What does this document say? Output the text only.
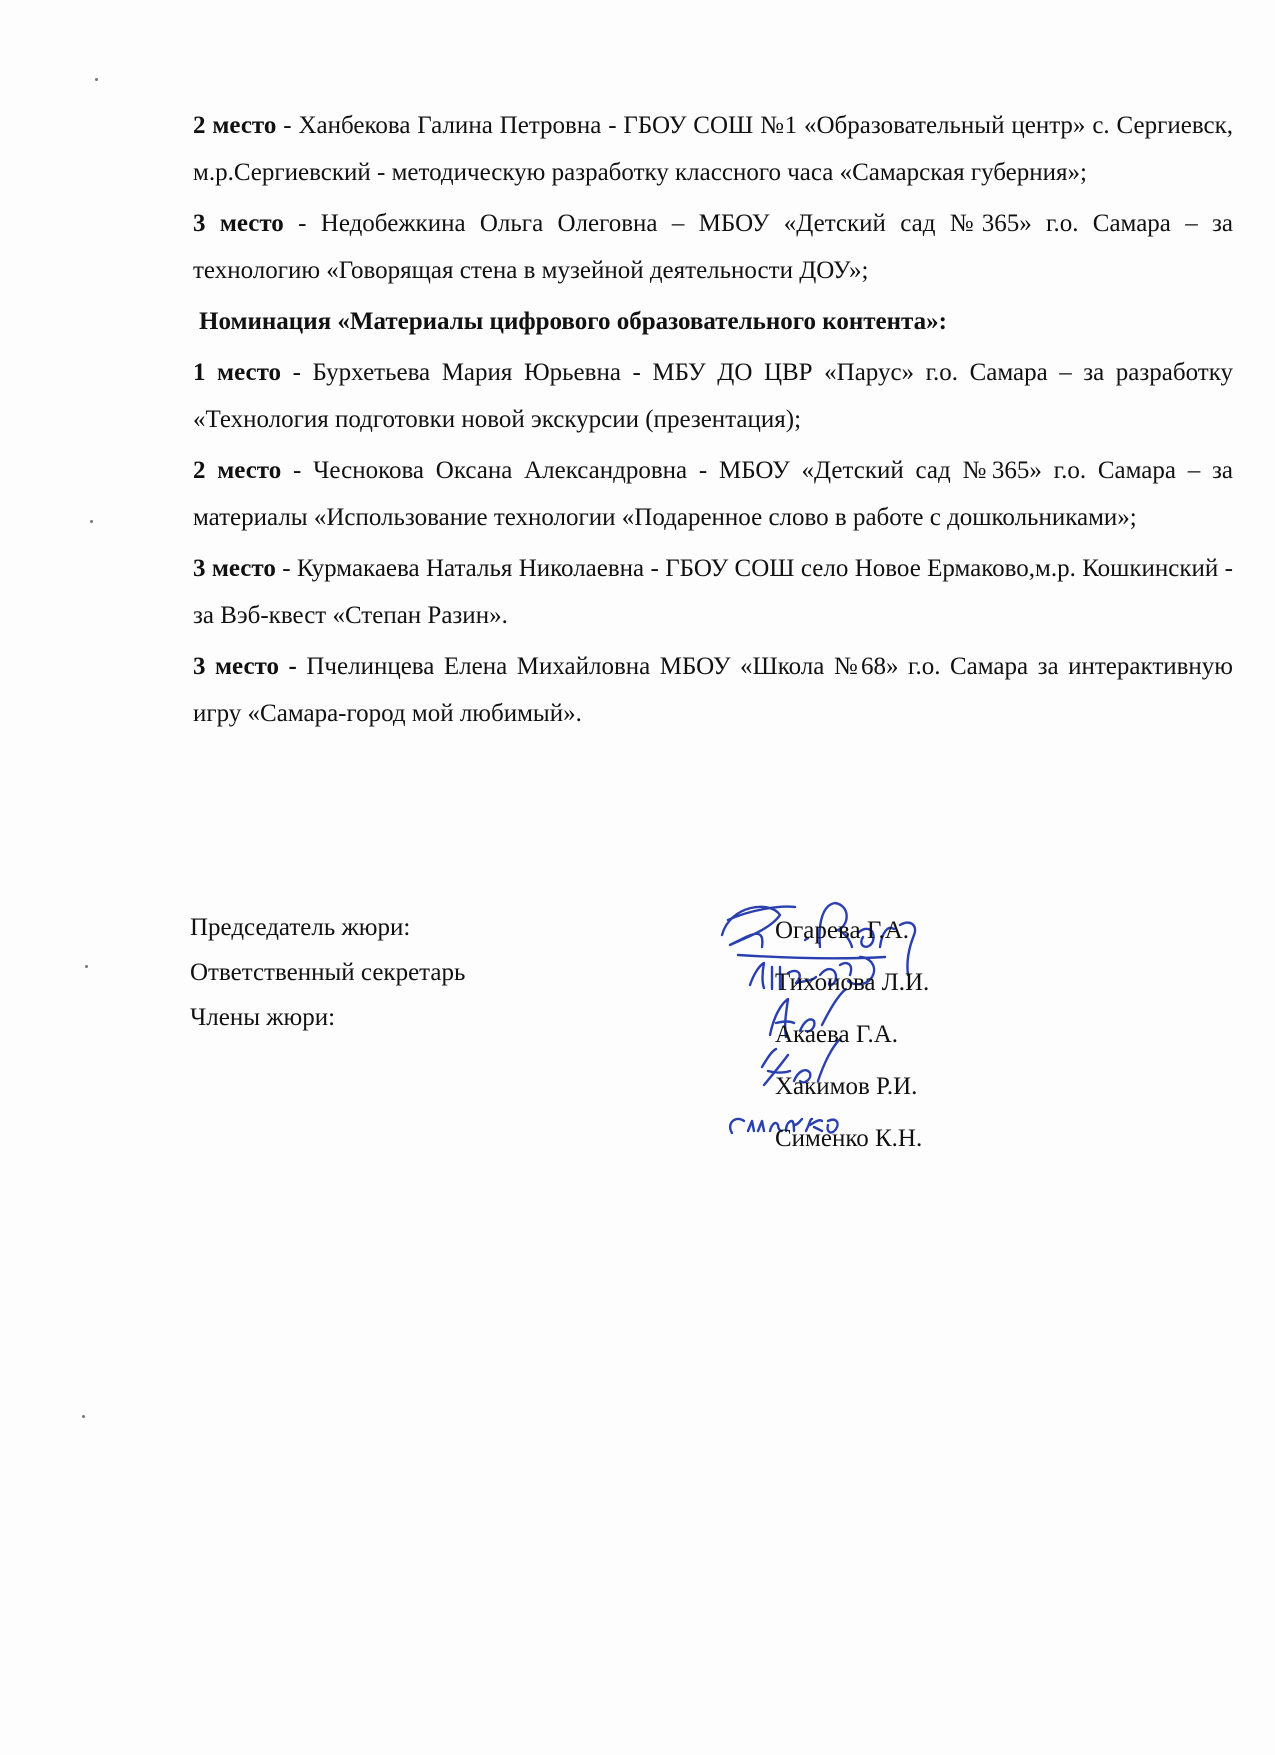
2 место - Ханбекова Галина Петровна - ГБОУ СОШ №1 «Образовательный центр» с. Сергиевск, м.р.Сергиевский - методическую разработку классного часа «Самарская губерния»;

3 место - Недобежкина Ольга Олеговна – МБОУ «Детский сад №365» г.о. Самара – за технологию «Говорящая стена в музейной деятельности ДОУ»;

Номинация «Материалы цифрового образовательного контента»:

1 место - Бурхетьева Мария Юрьевна - МБУ ДО ЦВР «Парус» г.о. Самара – за разработку «Технология подготовки новой экскурсии (презентация);

2 место - Чеснокова Оксана Александровна - МБОУ «Детский сад №365» г.о. Самара – за материалы «Использование технологии «Подаренное слово в работе с дошкольниками»;

3 место - Курмакаева Наталья Николаевна - ГБОУ СОШ село Новое Ермаково,м.р. Кошкинский - за Вэб-квест «Степан Разин».

3 место - Пчелинцева Елена Михайловна МБОУ «Школа №68» г.о. Самара за интерактивную игру «Самара-город мой любимый».

Председатель жюри:
Ответственный секретарь
Члены жюри:
Огарева Г.А.
Тихонова Л.И.
Акаева Г.А.
Хакимов Р.И.
Сименко К.Н.
